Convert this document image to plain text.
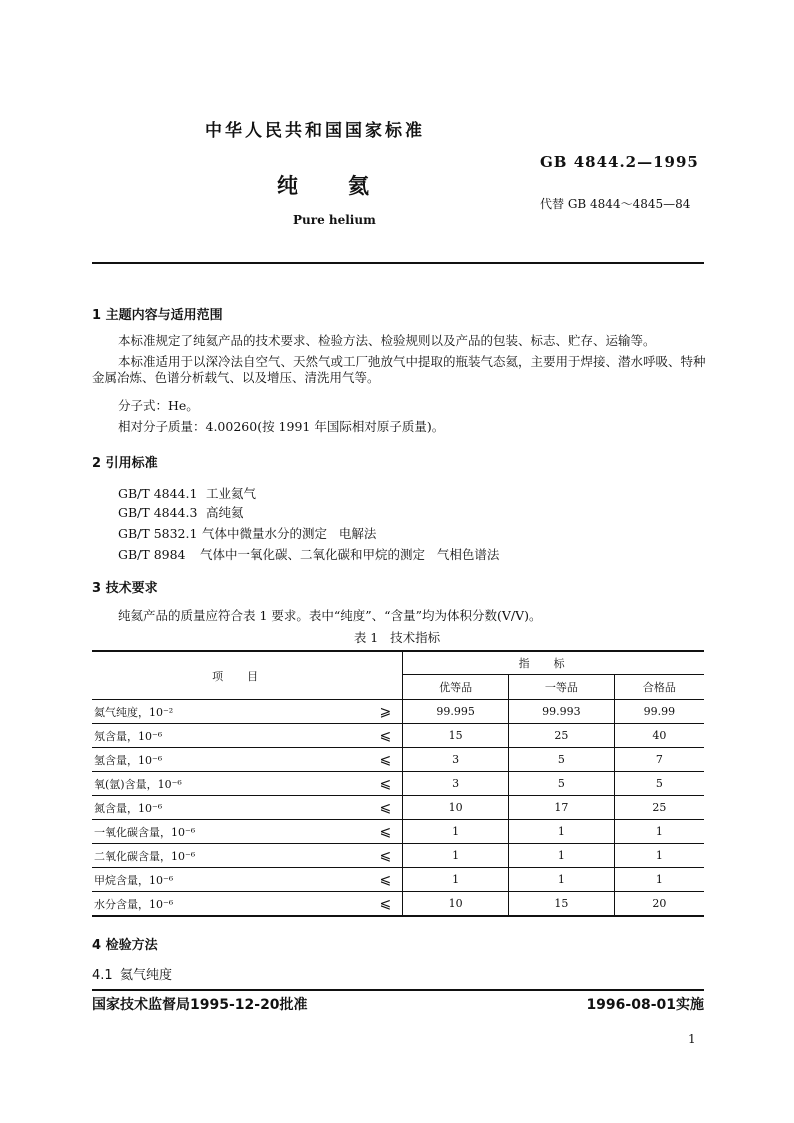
中华人民共和国国家标准
GB 4844.2—1995
纯氦
代替 GB 4844～4845—84
Pure helium
1 主题内容与适用范围
本标准规定了纯氦产品的技术要求、检验方法、检验规则以及产品的包装、标志、贮存、运输等。
本标准适用于以深冷法自空气、天然气或工厂弛放气中提取的瓶装气态氦，主要用于焊接、潜水呼吸、特种金属冶炼、色谱分析载气、以及增压、清洗用气等。
分子式：He。
相对分子质量：4.00260(按 1991 年国际相对原子质量)。
2 引用标准
GB/T 4844.1 工业氦气
GB/T 4844.3 高纯氦
GB/T 5832.1 气体中微量水分的测定   电解法
GB/T 8984 气体中一氧化碳、二氧化碳和甲烷的测定   气相色谱法
3 技术要求
纯氦产品的质量应符合表 1 要求。表中“纯度”、“含量”均为体积分数(V/V)。
表 1   技术指标
项目		指标		
		优等品	一等品	合格品
氦气纯度，10⁻²	⩾	99.995	99.993	99.99
氖含量，10⁻⁶	⩽	15	25	40
氢含量，10⁻⁶	⩽	3	5	7
氧(氩)含量，10⁻⁶	⩽	3	5	5
氮含量，10⁻⁶	⩽	10	17	25
一氧化碳含量，10⁻⁶	⩽	1	1	1
二氧化碳含量，10⁻⁶	⩽	1	1	1
甲烷含量，10⁻⁶	⩽	1	1	1
水分含量，10⁻⁶	⩽	10	15	20
4 检验方法
4.1 氦气纯度
国家技术监督局1995-12-20批准	1996-08-01实施
1
